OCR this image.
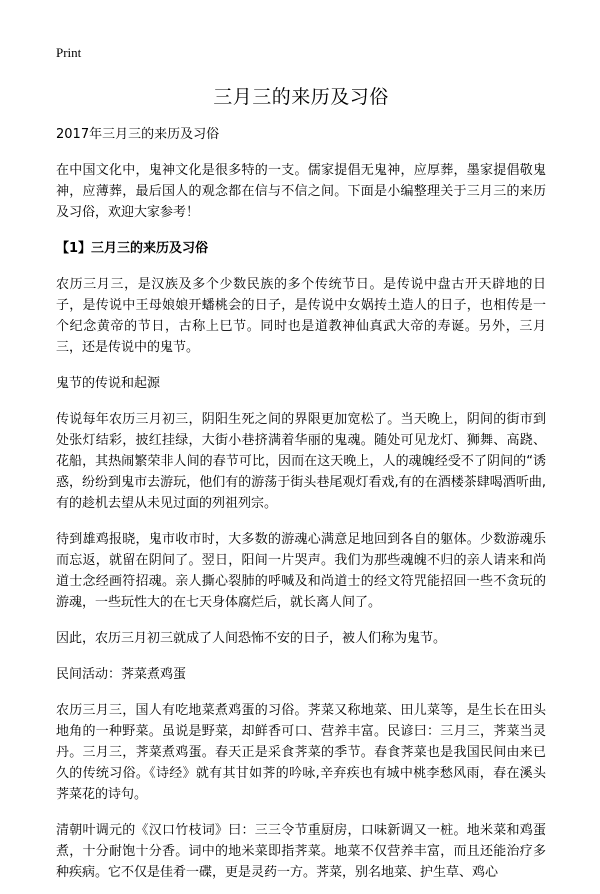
Print
三月三的来历及习俗

2017年三月三的来历及习俗

在中国文化中，鬼神文化是很多特的一支。儒家提倡无鬼神，应厚葬，墨家提倡敬鬼神，应薄葬，最后国人的观念都在信与不信之间。下面是小编整理关于三月三的来历及习俗，欢迎大家参考！

【1】三月三的来历及习俗

农历三月三，是汉族及多个少数民族的多个传统节日。是传说中盘古开天辟地的日子，是传说中王母娘娘开蟠桃会的日子，是传说中女娲抟土造人的日子，也相传是一个纪念黄帝的节日，古称上巳节。同时也是道教神仙真武大帝的寿诞。另外，三月三，还是传说中的鬼节。

鬼节的传说和起源

传说每年农历三月初三，阴阳生死之间的界限更加宽松了。当天晚上，阴间的街市到处张灯结彩，披红挂绿，大街小巷挤满着华丽的鬼魂。随处可见龙灯、狮舞、高跷、花船，其热闹繁荣非人间的春节可比，因而在这天晚上，人的魂魄经受不了阴间的“诱惑，纷纷到鬼市去游玩，他们有的游荡于街头巷尾观灯看戏,有的在酒楼茶肆喝酒听曲,有的趁机去望从未见过面的列祖列宗。

待到雄鸡报晓，鬼市收市时，大多数的游魂心满意足地回到各自的躯体。少数游魂乐而忘返，就留在阴间了。翌日，阳间一片哭声。我们为那些魂魄不归的亲人请来和尚道士念经画符招魂。亲人撕心裂肺的呼喊及和尚道士的经文符咒能招回一些不贪玩的游魂，一些玩性大的在七天身体腐烂后，就长离人间了。

因此，农历三月初三就成了人间恐怖不安的日子，被人们称为鬼节。

民间活动：荠菜煮鸡蛋

农历三月三，国人有吃地菜煮鸡蛋的习俗。荠菜又称地菜、田儿菜等，是生长在田头地角的一种野菜。虽说是野菜，却鲜香可口、营养丰富。民谚曰：三月三，荠菜当灵丹。三月三，荠菜煮鸡蛋。春天正是采食荠菜的季节。春食荠菜也是我国民间由来已久的传统习俗。《诗经》就有其甘如荠的吟咏,辛弃疾也有城中桃李愁风雨，春在溪头荠菜花的诗句。

清朝叶调元的《汉口竹枝词》曰：三三令节重厨房，口味新调又一桩。地米菜和鸡蛋煮，十分耐饱十分香。词中的地米菜即指荠菜。地菜不仅营养丰富，而且还能治疗多种疾病。它不仅是佳肴一碟，更是灵药一方。荠菜，别名地菜、护生草、鸡心
